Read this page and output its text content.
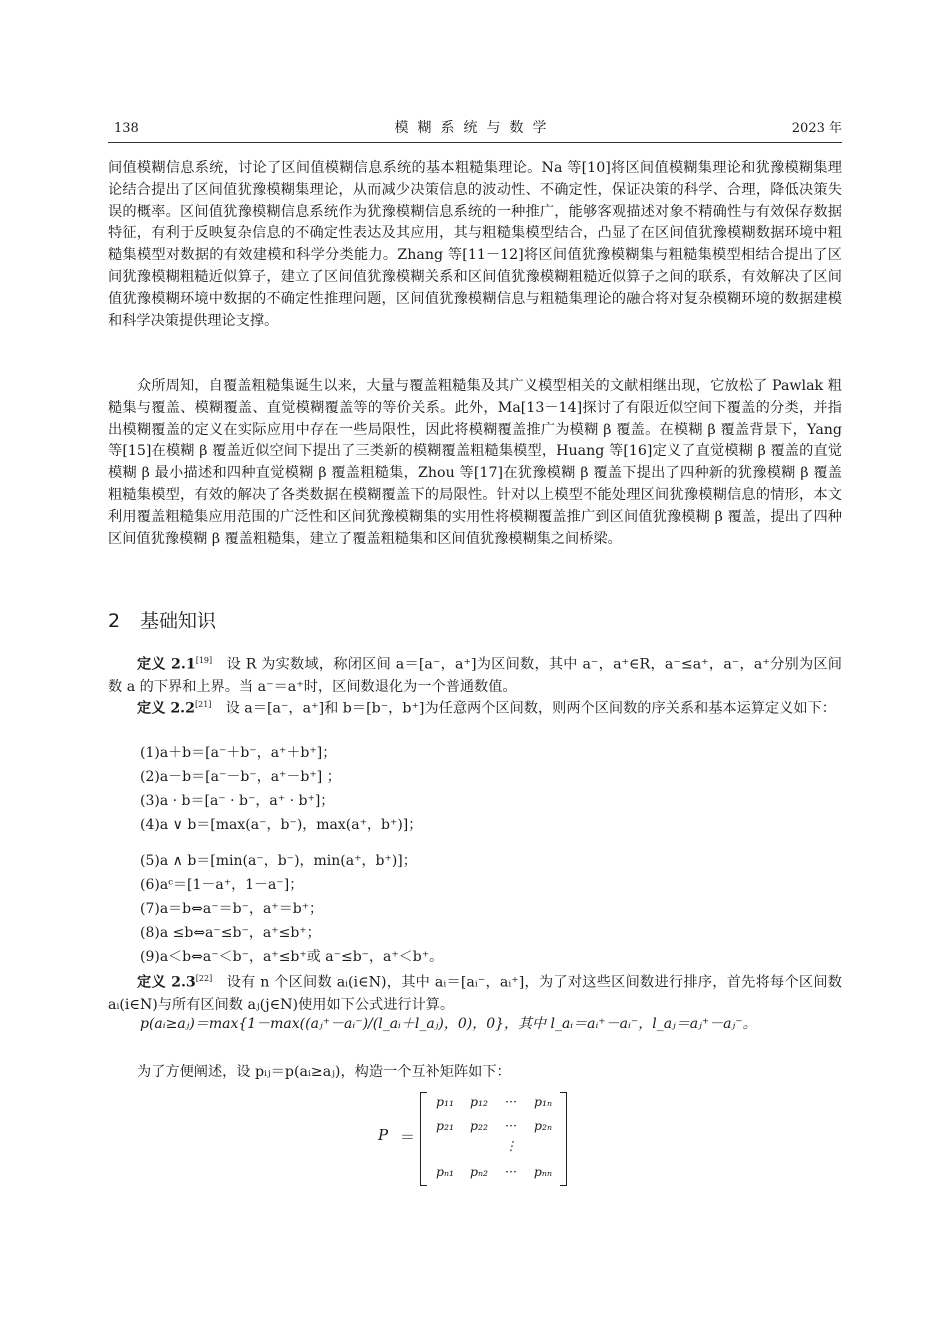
138	模糊系统与数学	2023 年

间值模糊信息系统，讨论了区间值模糊信息系统的基本粗糙集理论。Na 等[10]将区间值模糊集理论和犹豫模糊集理论结合提出了区间值犹豫模糊集理论，从而减少决策信息的波动性、不确定性，保证决策的科学、合理，降低决策失误的概率。区间值犹豫模糊信息系统作为犹豫模糊信息系统的一种推广，能够客观描述对象不精确性与有效保存数据特征，有利于反映复杂信息的不确定性表达及其应用，其与粗糙集模型结合，凸显了在区间值犹豫模糊数据环境中粗糙集模型对数据的有效建模和科学分类能力。Zhang 等[11－12]将区间值犹豫模糊集与粗糙集模型相结合提出了区间犹豫模糊粗糙近似算子，建立了区间值犹豫模糊关系和区间值犹豫模糊粗糙近似算子之间的联系，有效解决了区间值犹豫模糊环境中数据的不确定性推理问题，区间值犹豫模糊信息与粗糙集理论的融合将对复杂模糊环境的数据建模和科学决策提供理论支撑。

众所周知，自覆盖粗糙集诞生以来，大量与覆盖粗糙集及其广义模型相关的文献相继出现，它放松了 Pawlak 粗糙集与覆盖、模糊覆盖、直觉模糊覆盖等的等价关系。此外，Ma[13－14]探讨了有限近似空间下覆盖的分类，并指出模糊覆盖的定义在实际应用中存在一些局限性，因此将模糊覆盖推广为模糊 β 覆盖。在模糊 β 覆盖背景下，Yang 等[15]在模糊 β 覆盖近似空间下提出了三类新的模糊覆盖粗糙集模型，Huang 等[16]定义了直觉模糊 β 覆盖的直觉模糊 β 最小描述和四种直觉模糊 β 覆盖粗糙集，Zhou 等[17]在犹豫模糊 β 覆盖下提出了四种新的犹豫模糊 β 覆盖粗糙集模型，有效的解决了各类数据在模糊覆盖下的局限性。针对以上模型不能处理区间犹豫模糊信息的情形，本文利用覆盖粗糙集应用范围的广泛性和区间犹豫模糊集的实用性将模糊覆盖推广到区间值犹豫模糊 β 覆盖，提出了四种区间值犹豫模糊 β 覆盖粗糙集，建立了覆盖粗糙集和区间值犹豫模糊集之间桥梁。

2 基础知识

定义 2.1[19]  设 R 为实数域，称闭区间 a＝[a⁻，a⁺]为区间数，其中 a⁻，a⁺∈R，a⁻≤a⁺，a⁻，a⁺分别为区间数 a 的下界和上界。当 a⁻＝a⁺时，区间数退化为一个普通数值。

定义 2.2[21]  设 a＝[a⁻，a⁺]和 b＝[b⁻，b⁺]为任意两个区间数，则两个区间数的序关系和基本运算定义如下：

(1)a＋b＝[a⁻＋b⁻，a⁺＋b⁺]；
(2)a－b＝[a⁻－b⁻，a⁺－b⁺] ；
(3)a · b＝[a⁻ · b⁻，a⁺ · b⁺]；
(4)a ∨ b＝[max(a⁻，b⁻)，max(a⁺，b⁺)]；
(5)a ∧ b＝[min(a⁻，b⁻)，min(a⁺，b⁺)]；
(6)aᶜ＝[1－a⁺，1－a⁻]；
(7)a＝b⇔a⁻＝b⁻，a⁺＝b⁺；
(8)a ≤b⇔a⁻≤b⁻，a⁺≤b⁺；
(9)a＜b⇔a⁻＜b⁻，a⁺≤b⁺或 a⁻≤b⁻，a⁺＜b⁺。

定义 2.3[22]  设有 n 个区间数 aᵢ(i∈N)，其中 aᵢ＝[aᵢ⁻，aᵢ⁺]，为了对这些区间数进行排序，首先将每个区间数 aᵢ(i∈N)与所有区间数 aⱼ(j∈N)使用如下公式进行计算。

p(aᵢ≥aⱼ)＝max{1－max((aⱼ⁺－aᵢ⁻)/(l_aᵢ＋l_aⱼ)，0)，0}，其中 l_aᵢ＝aᵢ⁺－aᵢ⁻，l_aⱼ＝aⱼ⁺－aⱼ⁻。

为了方便阐述，设 pᵢⱼ＝p(aᵢ≥aⱼ)，构造一个互补矩阵如下：

P ＝
p₁₁	p₁₂	···	p₁ₙ
p₂₁	p₂₂	···	p₂ₙ
⋮
pₙ₁	pₙ₂	···	pₙₙ
